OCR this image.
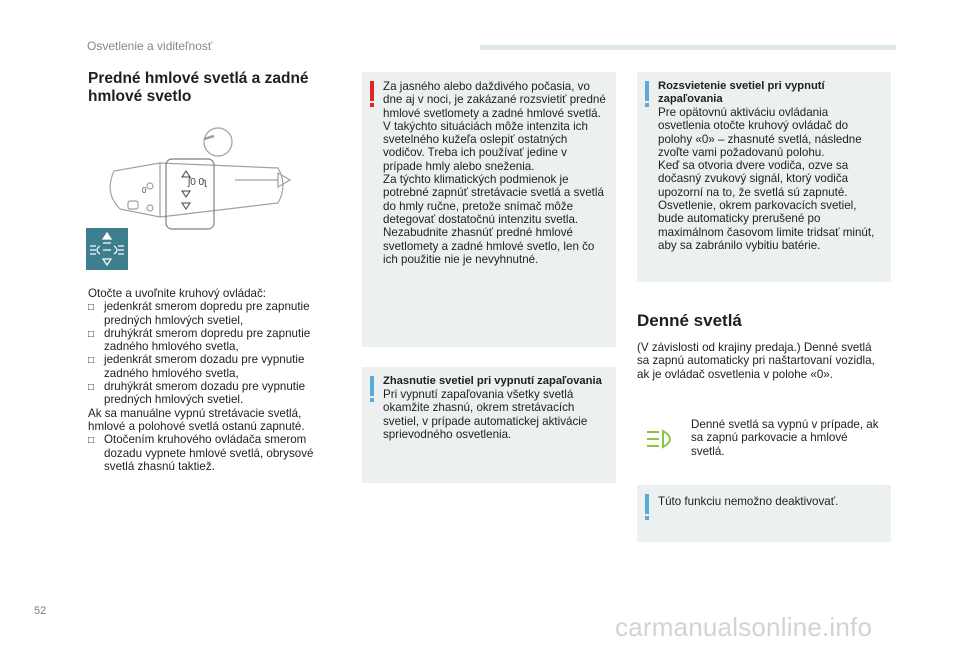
Osvetlenie a viditeľnosť
Predné hmlové svetlá a zadné hmlové svetlo
ʃ0 0ʅ
0

Otočte a uvoľnite kruhový ovládač:

□ jedenkrát smerom dopredu pre zapnutie predných hmlových svetiel,
□ druhýkrát smerom dopredu pre zapnutie zadného hmlového svetla,
□ jedenkrát smerom dozadu pre vypnutie zadného hmlového svetla,
□ druhýkrát smerom dozadu pre vypnutie predných hmlových svetiel.

Ak sa manuálne vypnú stretávacie svetlá, hmlové a polohové svetlá ostanú zapnuté.

□ Otočením kruhového ovládača smerom dozadu vypnete hmlové svetlá, obrysové svetlá zhasnú taktiež.

Za jasného alebo daždivého počasia, vo dne aj v noci, je zakázané rozsvietiť predné hmlové svetlomety a zadné hmlové svetlá. V takýchto situáciách môže intenzita ich svetelného kužeľa oslepiť ostatných vodičov. Treba ich používať jedine v prípade hmly alebo sneženia.

Za týchto klimatických podmienok je potrebné zapnúť stretávacie svetlá a svetlá do hmly ručne, pretože snímač môže detegovať dostatočnú intenzitu svetla.

Nezabudnite zhasnúť predné hmlové svetlomety a zadné hmlové svetlo, len čo ich použitie nie je nevyhnutné.

Zhasnutie svetiel pri vypnutí zapaľovania

Pri vypnutí zapaľovania všetky svetlá okamžite zhasnú, okrem stretávacích svetiel, v prípade automatickej aktivácie sprievodného osvetlenia.

Rozsvietenie svetiel pri vypnutí zapaľovania

Pre opätovnú aktiváciu ovládania osvetlenia otočte kruhový ovládač do polohy «0» – zhasnuté svetlá, následne zvoľte vami požadovanú polohu.

Keď sa otvoria dvere vodiča, ozve sa dočasný zvukový signál, ktorý vodiča upozorní na to, že svetlá sú zapnuté.

Osvetlenie, okrem parkovacích svetiel, bude automaticky prerušené po maximálnom časovom limite tridsať minút, aby sa zabránilo vybitiu batérie.

Denné svetlá
(V závislosti od krajiny predaja.) Denné svetlá sa zapnú automaticky pri naštartovaní vozidla, ak je ovládač osvetlenia v polohe «0».
Denné svetlá sa vypnú v prípade, ak sa zapnú parkovacie a hmlové svetlá.

Túto funkciu nemožno deaktivovať.

52
carmanualsonline.info
